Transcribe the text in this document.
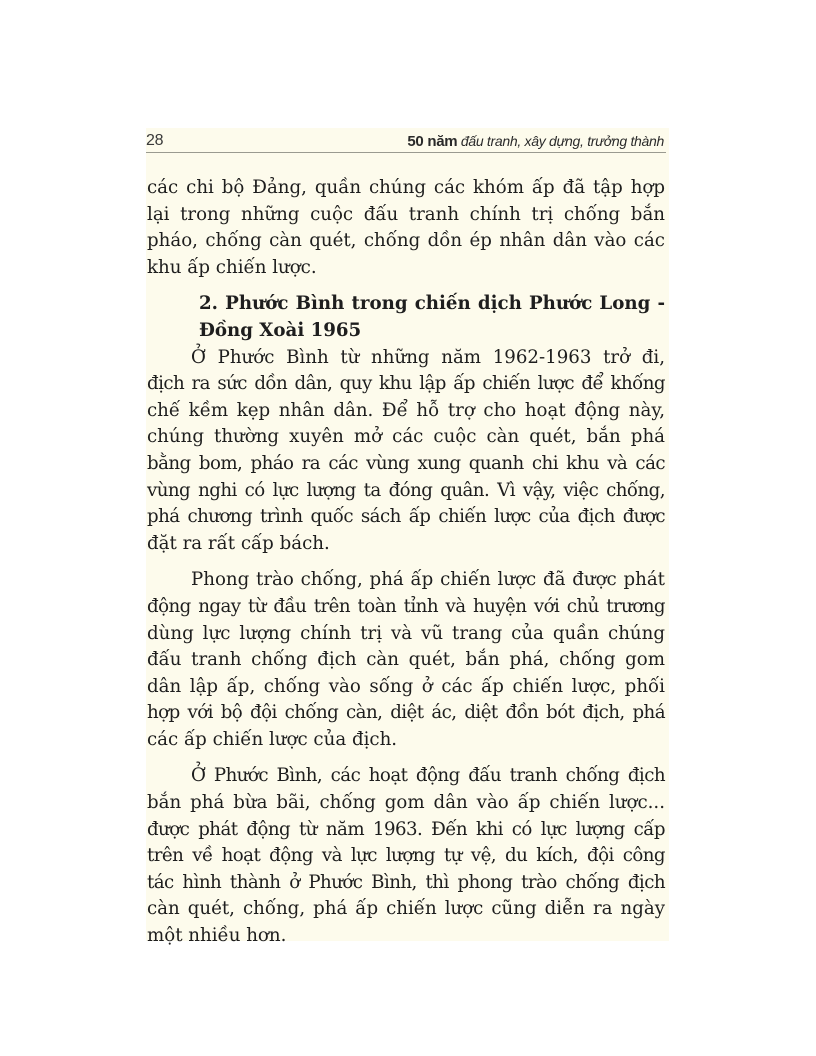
28	50 năm đấu tranh, xây dựng, trưởng thành
các chi bộ Đảng, quần chúng các khóm ấp đã tập hợp
lại trong những cuộc đấu tranh chính trị chống bắn
pháo, chống càn quét, chống dồn ép nhân dân vào các
khu ấp chiến lược.
2. Phước Bình trong chiến dịch Phước Long -
Đồng Xoài 1965
Ở Phước Bình từ những năm 1962-1963 trở đi,
địch ra sức dồn dân, quy khu lập ấp chiến lược để khống
chế kềm kẹp nhân dân. Để hỗ trợ cho hoạt động này,
chúng thường xuyên mở các cuộc càn quét, bắn phá
bằng bom, pháo ra các vùng xung quanh chi khu và các
vùng nghi có lực lượng ta đóng quân. Vì vậy, việc chống,
phá chương trình quốc sách ấp chiến lược của địch được
đặt ra rất cấp bách.
Phong trào chống, phá ấp chiến lược đã được phát
động ngay từ đầu trên toàn tỉnh và huyện với chủ trương
dùng lực lượng chính trị và vũ trang của quần chúng
đấu tranh chống địch càn quét, bắn phá, chống gom
dân lập ấp, chống vào sống ở các ấp chiến lược, phối
hợp với bộ đội chống càn, diệt ác, diệt đồn bót địch, phá
các ấp chiến lược của địch.
Ở Phước Bình, các hoạt động đấu tranh chống địch
bắn phá bừa bãi, chống gom dân vào ấp chiến lược...
được phát động từ năm 1963. Đến khi có lực lượng cấp
trên về hoạt động và lực lượng tự vệ, du kích, đội công
tác hình thành ở Phước Bình, thì phong trào chống địch
càn quét, chống, phá ấp chiến lược cũng diễn ra ngày
một nhiều hơn.
